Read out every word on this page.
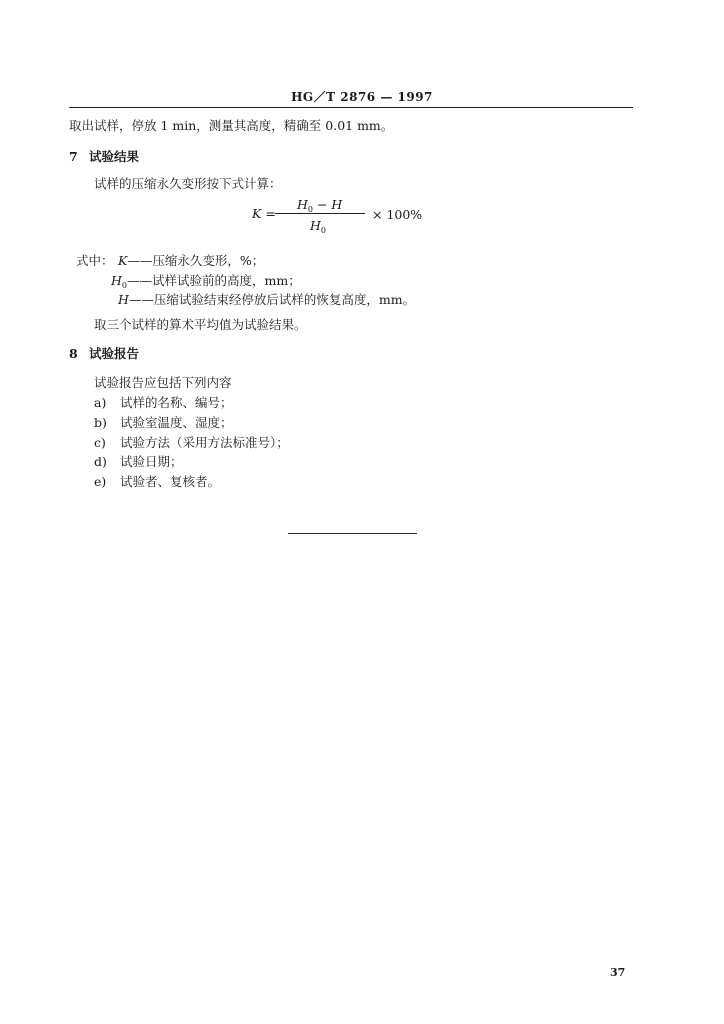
HG／T 2876 — 1997
取出试样，停放 1 min，测量其高度，精确至 0.01 mm。
7 试验结果
试样的压缩永久变形按下式计算：
K =
$H_0 - H$
$H_0$
× 100%
式中： K——压缩永久变形，%；
$H_0——$试样试验前的高度，mm；
H——压缩试验结束经停放后试样的恢复高度，mm。
取三个试样的算术平均值为试验结果。
8 试验报告
试验报告应包括下列内容
a) 试样的名称、编号；
b) 试验室温度、湿度；
c) 试验方法（采用方法标准号）；
d) 试验日期；
e) 试验者、复核者。
37
